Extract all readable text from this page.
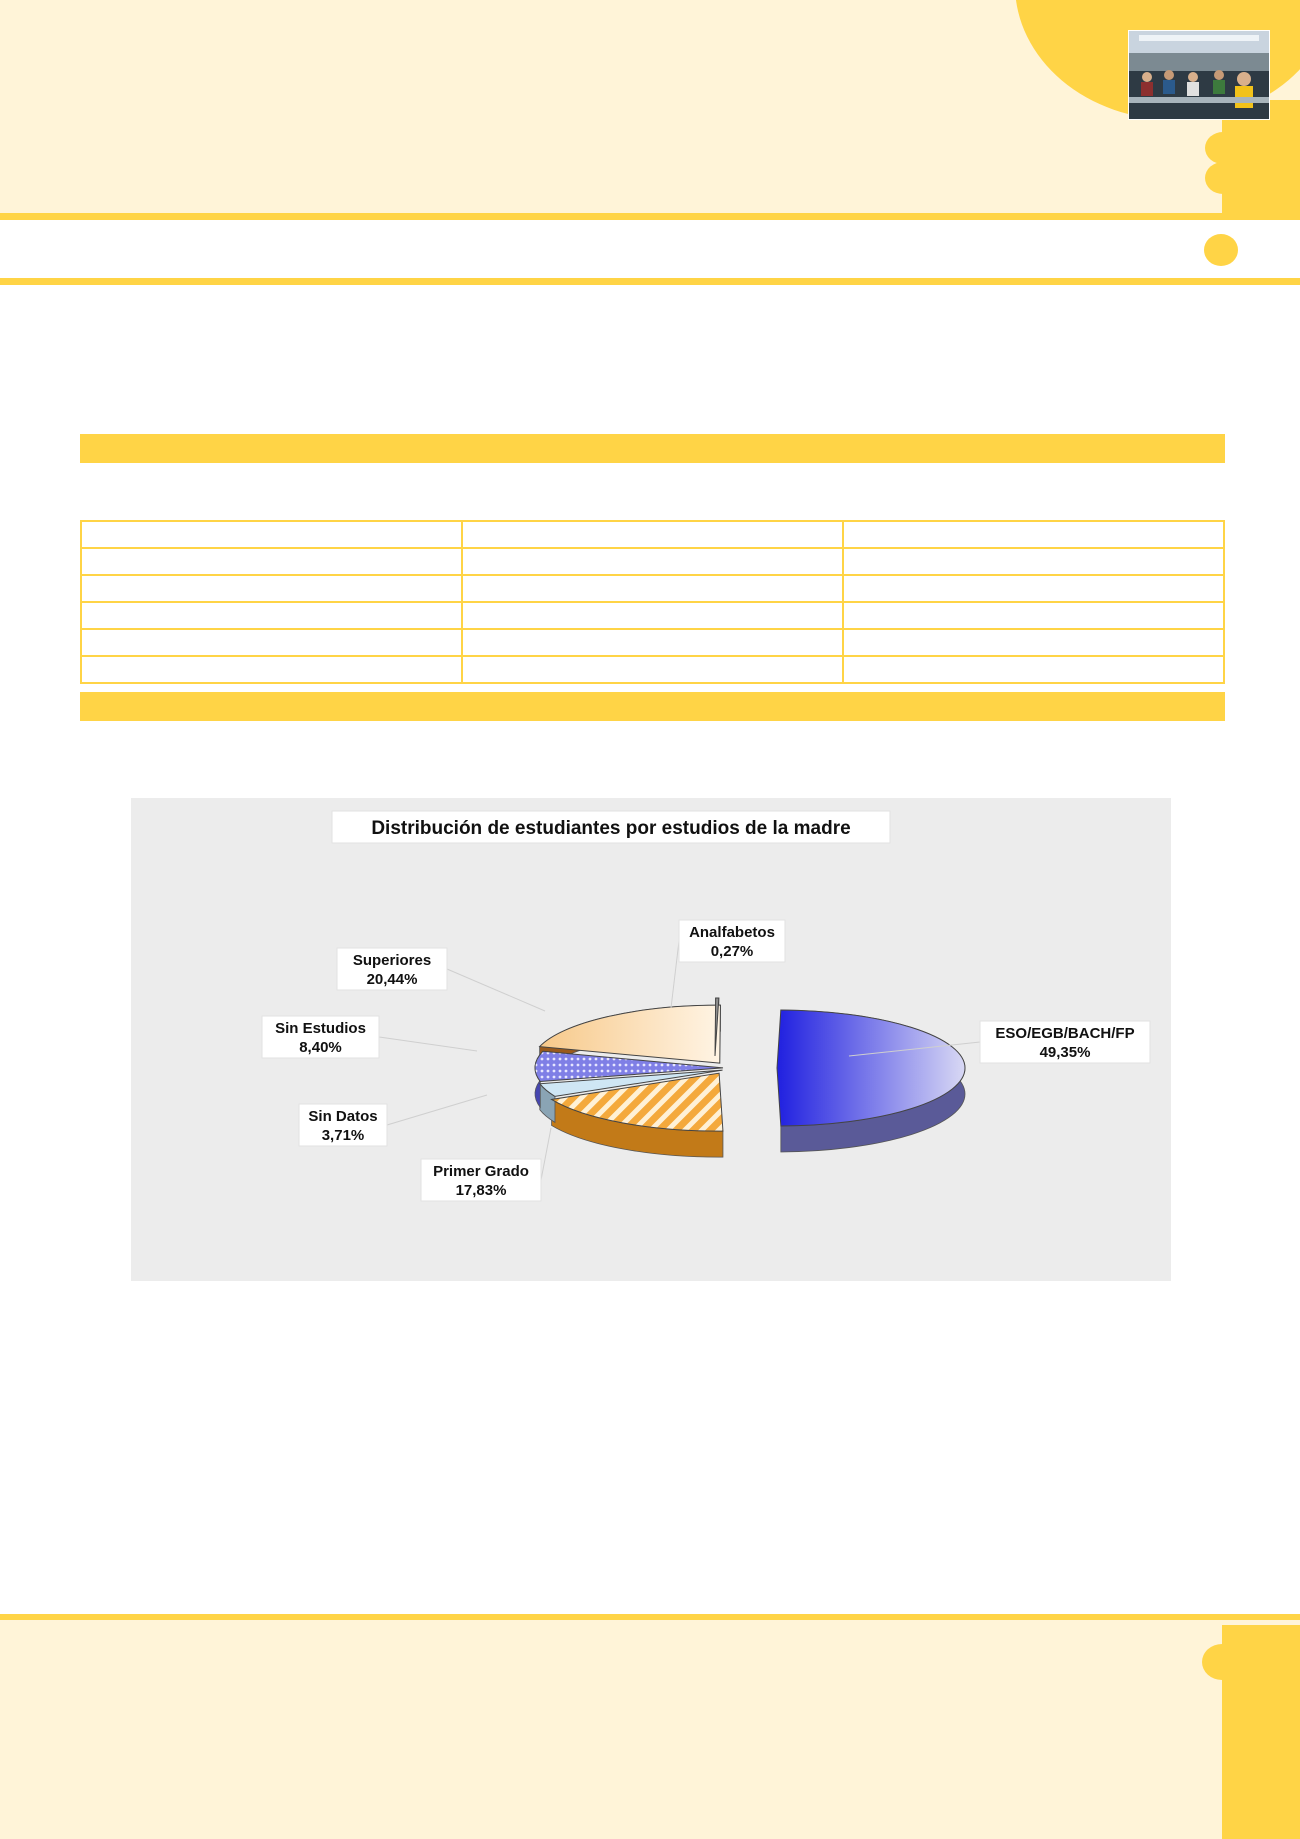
ESO/EGB/BACH/FP
49,35%
Primer Grado
17,83%
Sin Datos
3,71%
Sin Estudios
8,40%
Superiores
20,44%
Analfabetos
0,27%
Distribución de estudiantes por estudios de la madre
